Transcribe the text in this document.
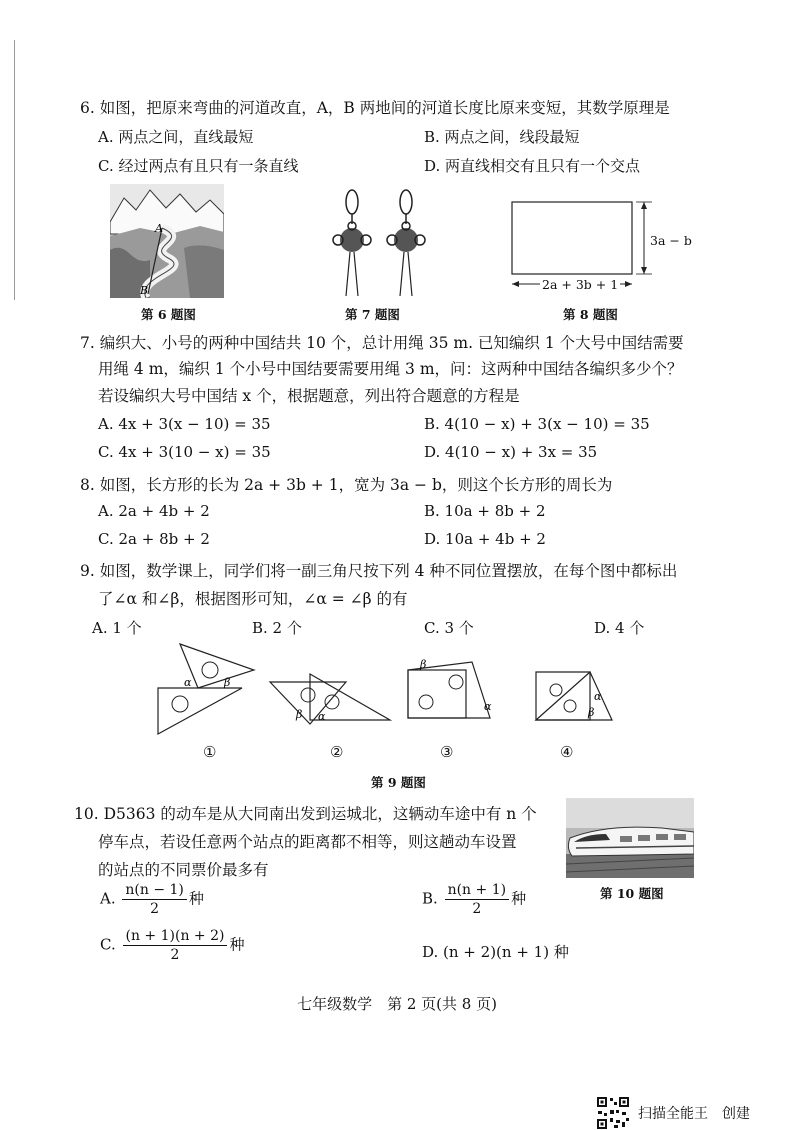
6. 如图，把原来弯曲的河道改直，A，B 两地间的河道长度比原来变短，其数学原理是
A. 两点之间，直线最短	B. 两点之间，线段最短
C. 经过两点有且只有一条直线	D. 两直线相交有且只有一个交点
A
B
第 6 题图	第 7 题图
3a − b
2a + 3b + 1
第 8 题图
7. 编织大、小号的两种中国结共 10 个，总计用绳 35 m. 已知编织 1 个大号中国结需要
用绳 4 m，编织 1 个小号中国结要需要用绳 3 m，问：这两种中国结各编织多少个？
若设编织大号中国结 x 个，根据题意，列出符合题意的方程是
A. 4x + 3(x − 10) = 35	B. 4(10 − x) + 3(x − 10) = 35
C. 4x + 3(10 − x) = 35	D. 4(10 − x) + 3x = 35
8. 如图，长方形的长为 2a + 3b + 1，宽为 3a − b，则这个长方形的周长为
A. 2a + 4b + 2	B. 10a + 8b + 2
C. 2a + 8b + 2	D. 10a + 4b + 2
9. 如图，数学课上，同学们将一副三角尺按下列 4 种不同位置摆放，在每个图中都标出
了∠α 和∠β，根据图形可知，∠α = ∠β 的有
A. 1 个	B. 2 个	C. 3 个	D. 4 个
α	β
β α
β
α
α
β
①	②	③	④
第 9 题图
10. D5363 的动车是从大同南出发到运城北，这辆动车途中有 n 个
停车点，若设任意两个站点的距离都不相等，则这趟动车设置
的站点的不同票价最多有
第 10 题图
A. $\frac{n(n - 1)}{2}$ 种	B. $\frac{n(n + 1)}{2}$ 种
C. $\frac{(n + 1)(n + 2)}{2}$ 种	D. (n + 2)(n + 1) 种
七年级数学　第 2 页(共 8 页)
扫描全能王　创建
